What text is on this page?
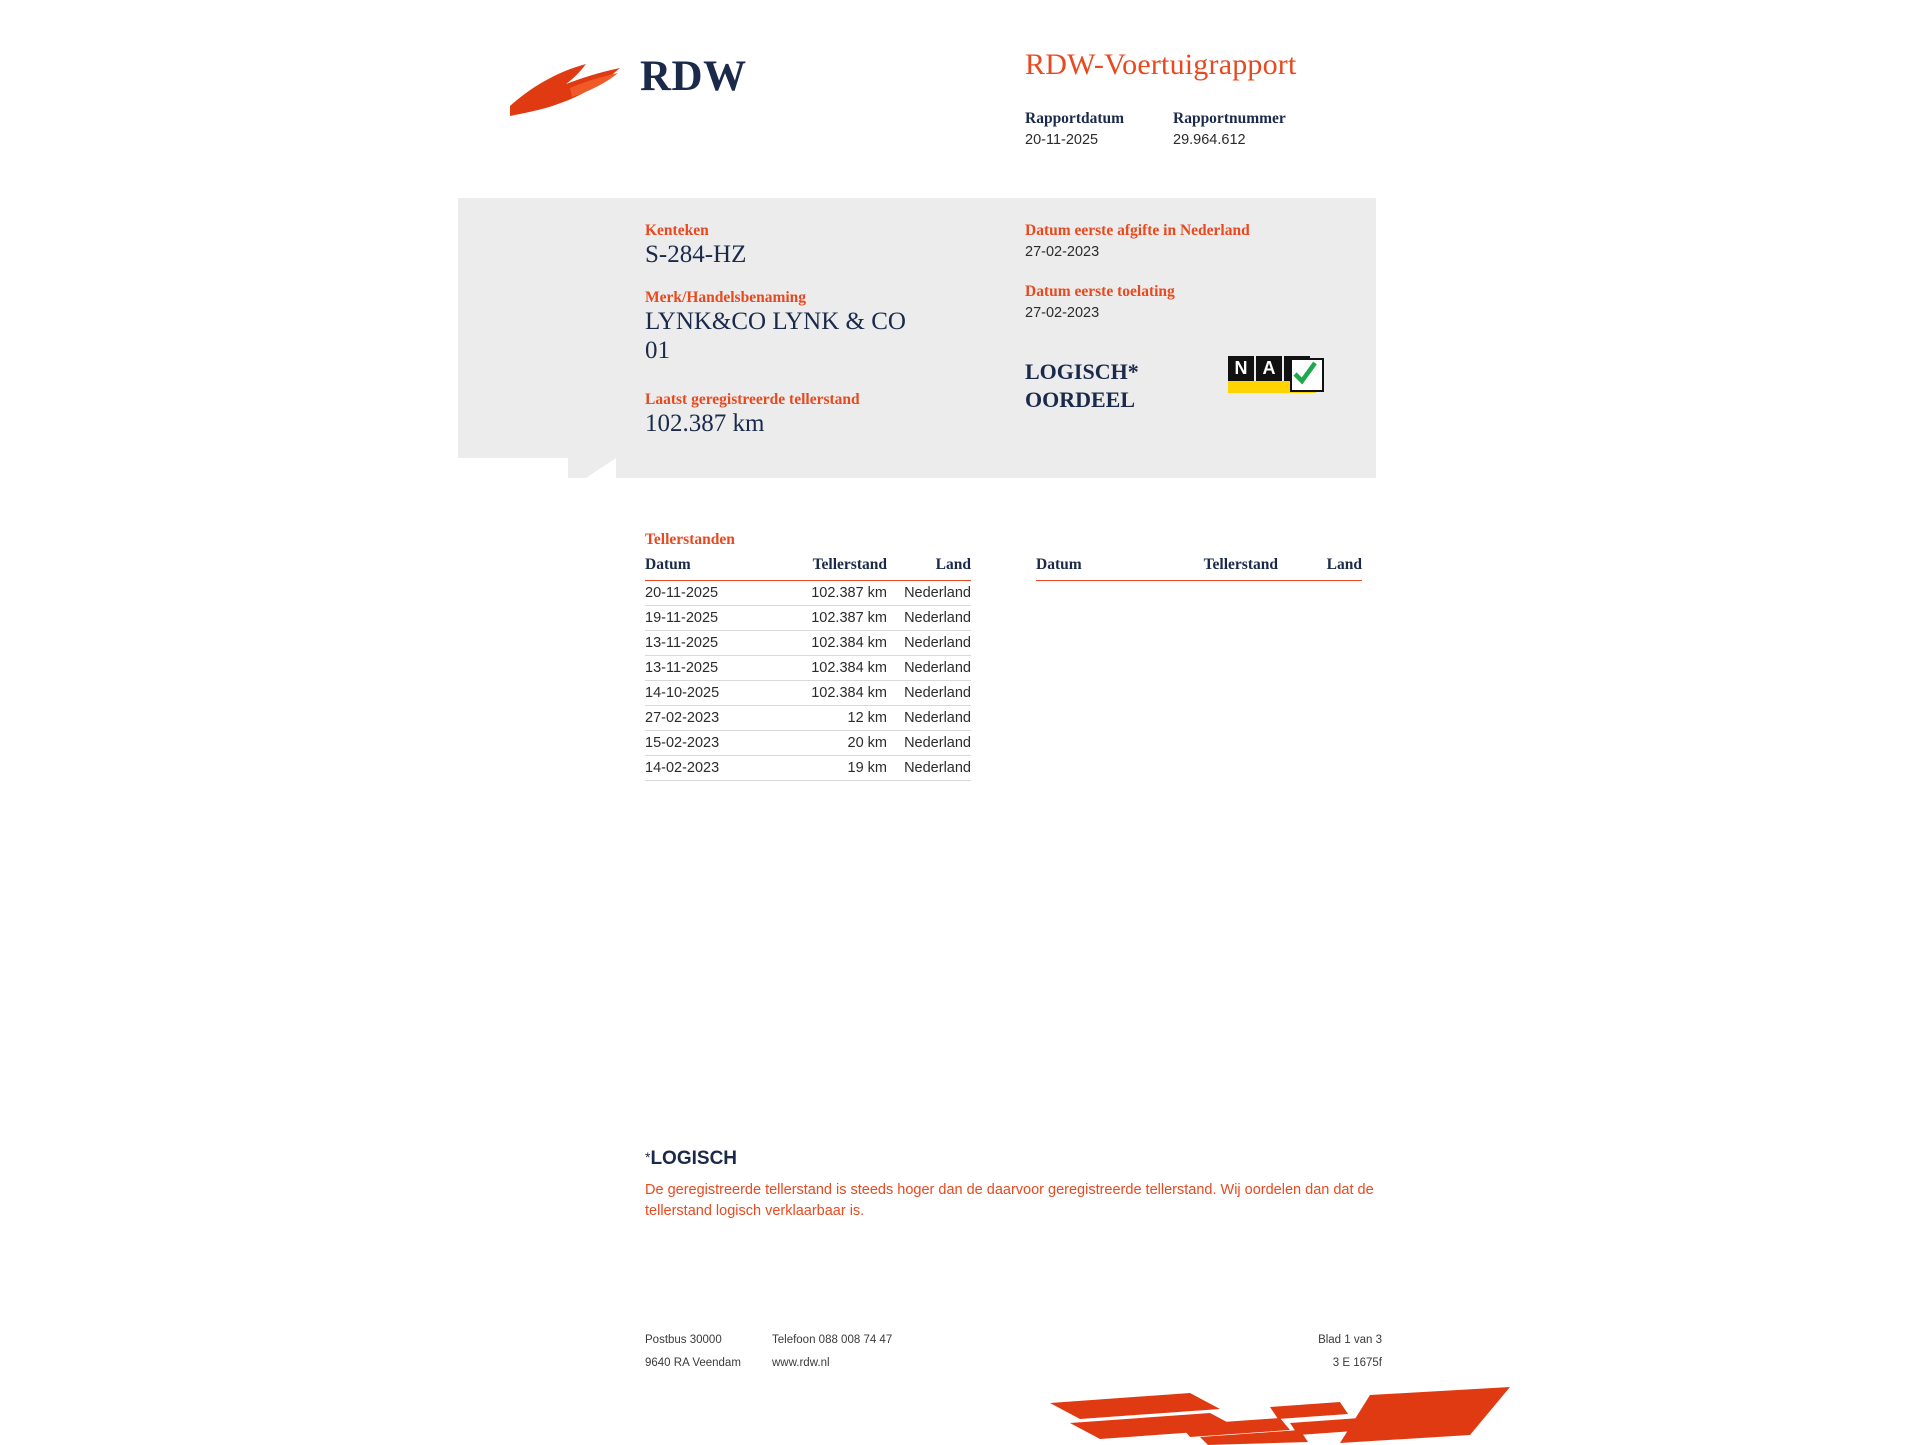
RDW	RDW-Voertuigrapport
Rapportdatum
20-11-2025
Rapportnummer
29.964.612
Kenteken
S-284-HZ
Merk/Handelsbenaming
LYNK&CO LYNK & CO 01
Laatst geregistreerde tellerstand
102.387 km
Datum eerste afgifte in Nederland
27-02-2023
Datum eerste toelating
27-02-2023
LOGISCH* OORDEEL
N A
Tellerstanden
Datum	Tellerstand	Land
20-11-2025	102.387 km	Nederland
19-11-2025	102.387 km	Nederland
13-11-2025	102.384 km	Nederland
13-11-2025	102.384 km	Nederland
14-10-2025	102.384 km	Nederland
27-02-2023	12 km	Nederland
15-02-2023	20 km	Nederland
14-02-2023	19 km	Nederland
Datum	Tellerstand	Land
*LOGISCH
De geregistreerde tellerstand is steeds hoger dan de daarvoor geregistreerde tellerstand. Wij oordelen dan dat de tellerstand logisch verklaarbaar is.
Postbus 30000	Telefoon 088 008 74 47	Blad 1 van 3
9640 RA Veendam	www.rdw.nl	3 E 1675f
